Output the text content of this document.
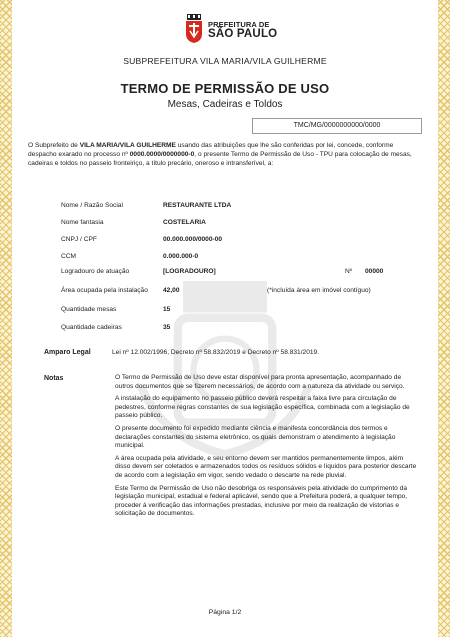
PREFEITURA DE
SÃO PAULO
SUBPREFEITURA VILA MARIA/VILA GUILHERME
TERMO DE PERMISSÃO DE USO
Mesas, Cadeiras e Toldos
TMC/MG/0000000000/0000
O Subprefeito de VILA MARIA/VILA GUILHERME usando das atribuições que lhe são conferidas por lei, concede, conforme despacho exarado no processo nº 0000.0000/0000000-0, o presente Termo de Permissão de Uso - TPU para colocação de mesas, cadeiras e toldos no passeio fronteiriço, a título precário, oneroso e intransferível, a:
Nome / Razão Social	RESTAURANTE LTDA
Nome fantasia	COSTELARIA
CNPJ / CPF	00.000.000/0000-00
CCM	0.000.000-0
Logradouro de atuação	[LOGRADOURO]	Nº 00000
Área ocupada pela instalação 42,00	(*incluída área em imóvel contíguo)
Quantidade mesas	15
Quantidade cadeiras	35
Amparo Legal	Lei nº 12.002/1996, Decreto nº 58.832/2019 e Decreto nº 58.831/2019.
Notas	O Termo de Permissão de Uso deve estar disponível para pronta apresentação, acompanhado de outros documentos que se fizerem necessários, de acordo com a natureza da atividade ou serviço.

A instalação do equipamento no passeio público deverá respeitar a faixa livre para circulação de pedestres, conforme regras constantes de sua legislação específica, combinada com a legislação de passeio público.

O presente documento foi expedido mediante ciência e manifesta concordância dos termos e declarações constantes do sistema eletrônico, os quais demonstram o atendimento à legislação municipal.

A área ocupada pela atividade, e seu entorno devem ser mantidos permanentemente limpos, além disso devem ser coletados e armazenados todos os resíduos sólidos e líquidos para posterior descarte de acordo com a legislação em vigor, sendo vedado o descarte na rede pluvial.

Este Termo de Permissão de Uso não desobriga os responsáveis pela atividade do cumprimento da legislação municipal, estadual e federal aplicável, sendo que a Prefeitura poderá, a qualquer tempo, proceder à verificação das informações prestadas, inclusive por meio da realização de vistorias e solicitação de documentos.

Página 1/2
